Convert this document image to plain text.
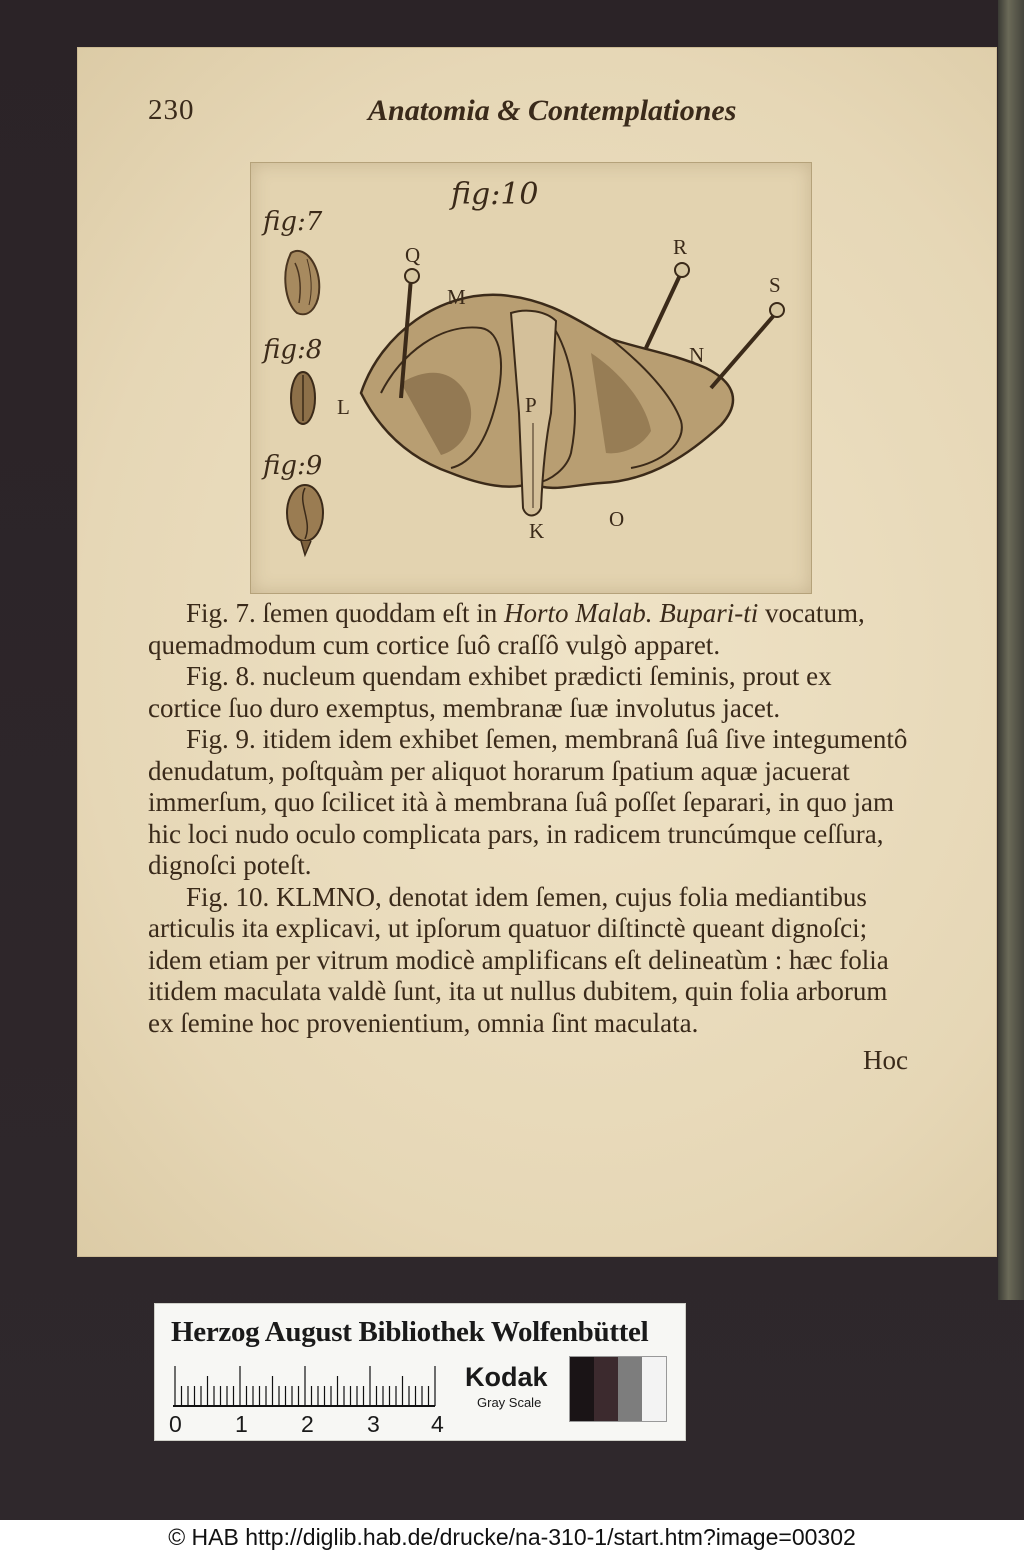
230	Anatomia & Contemplationes
fig:10
fig:7
fig:8
fig:9
Q	R
S
M
N
L	P
K	O

Fig. 7. ſemen quoddam eſt in Horto Malab. Bupari-ti vocatum, quemadmodum cum cortice ſuô craſſô vulgò apparet.

Fig. 8. nucleum quendam exhibet prædicti ſeminis, prout ex cortice ſuo duro exemptus, membranæ ſuæ involutus jacet.

Fig. 9. itidem idem exhibet ſemen, membranâ ſuâ ſive integumentô denudatum, poſtquàm per aliquot horarum ſpatium aquæ jacuerat immerſum, quo ſcilicet ità à membrana ſuâ poſſet ſeparari, in quo jam hic loci nudo oculo complicata pars, in radicem truncúmque ceſſura, dignoſci poteſt.

Fig. 10. KLMNO, denotat idem ſemen, cujus folia mediantibus articulis ita explicavi, ut ipſorum quatuor diſtinctè queant dignoſci; idem etiam per vitrum modicè amplificans eſt delineatùm : hæc folia itidem maculata valdè ſunt, ita ut nullus dubitem, quin folia arborum ex ſemine hoc provenientium, omnia ſint maculata.

Hoc

Herzog August Bibliothek Wolfenbüttel
0 1 2 3 4
Kodak
Gray Scale
© HAB http://diglib.hab.de/drucke/na-310-1/start.htm?image=00302
